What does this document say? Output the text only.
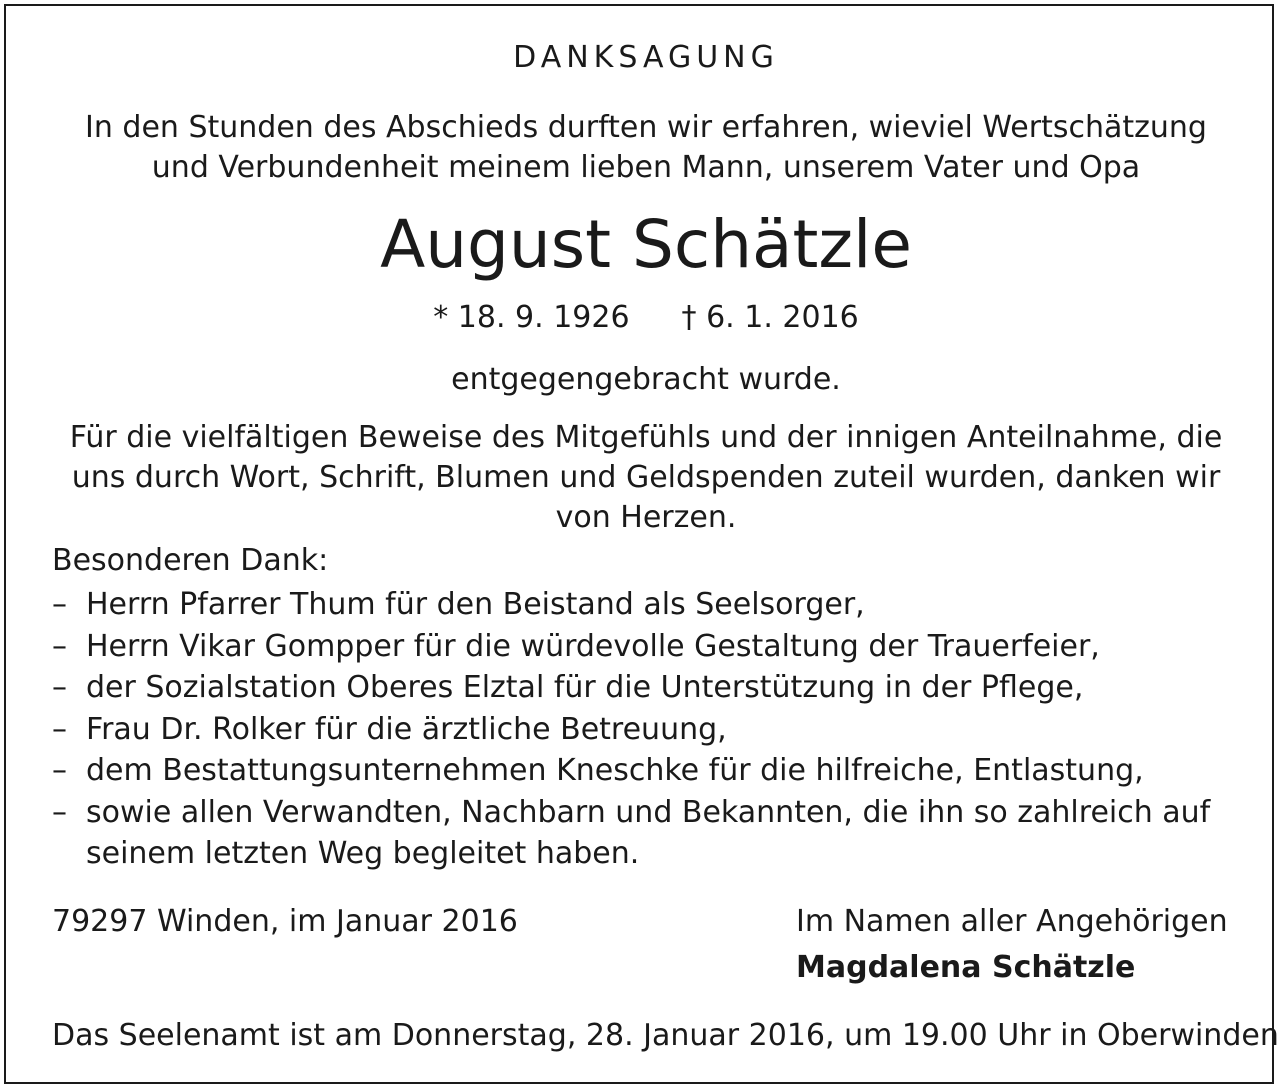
DANKSAGUNG
In den Stunden des Abschieds durften wir erfahren, wieviel Wertschätzung
und Verbundenheit meinem lieben Mann, unserem Vater und Opa
August Schätzle
* 18. 9. 1926 † 6. 1. 2016
entgegengebracht wurde.
Für die vielfältigen Beweise des Mitgefühls und der innigen Anteilnahme, die
uns durch Wort, Schrift, Blumen und Geldspenden zuteil wurden, danken wir
von Herzen.
Besonderen Dank:
– Herrn Pfarrer Thum für den Beistand als Seelsorger,
– Herrn Vikar Gompper für die würdevolle Gestaltung der Trauerfeier,
– der Sozialstation Oberes Elztal für die Unterstützung in der Pflege,
– Frau Dr. Rolker für die ärztliche Betreuung,
– dem Bestattungsunternehmen Kneschke für die hilfreiche, Entlastung,
– sowie allen Verwandten, Nachbarn und Bekannten, die ihn so zahlreich auf seinem letzten Weg begleitet haben.
79297 Winden, im Januar 2016	Im Namen aller Angehörigen
Magdalena Schätzle
Das Seelenamt ist am Donnerstag, 28. Januar 2016, um 19.00 Uhr in Oberwinden
